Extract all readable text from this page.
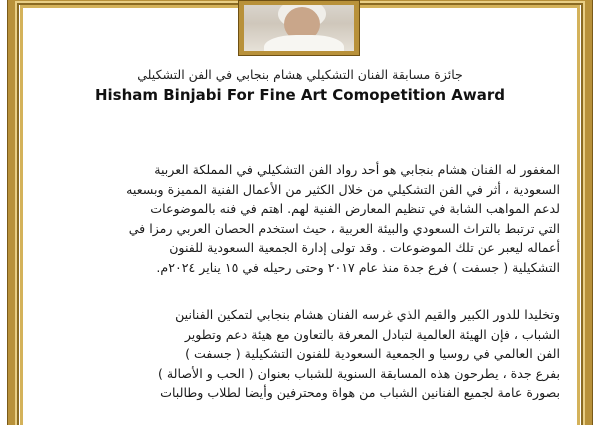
جائزة مسابقة الفنان التشكيلي هشام بنجابي في الفن التشكيلي
Hisham Binjabi For Fine Art Comopetition Award
المغفور له الفنان هشام بنجابي هو أحد رواد الفن التشكيلي في المملكة العربية
السعودية ، أثر في الفن التشكيلي من خلال الكثير من الأعمال الفنية المميزة وبسعيه
لدعم المواهب الشابة في تنظيم المعارض الفنية لهم. اهتم في فنه بالموضوعات
التي ترتبط بالتراث السعودي والبيئة العربية ، حيث استخدم الحصان العربي رمزا في
أعماله ليعبر عن تلك الموضوعات . وقد تولى إدارة الجمعية السعودية للفنون
التشكيلية ( جسفت ) فرع جدة منذ عام ٢٠١٧ وحتى رحيله في ١٥ يناير ٢٠٢٤م.
وتخليدا للدور الكبير والقيم الذي غرسه الفنان هشام بنجابي لتمكين الفنانين
الشباب ، فإن الهيئة العالمية لتبادل المعرفة بالتعاون مع هيئة دعم وتطوير
الفن العالمي في روسيا و الجمعية السعودية للفنون التشكيلية ( جسفت )
بفرع جدة ، يطرحون هذه المسابقة السنوية للشباب بعنوان ( الحب و الأصالة )
بصورة عامة لجميع الفنانين الشباب من هواة ومحترفين وأيضا لطلاب وطالبات
